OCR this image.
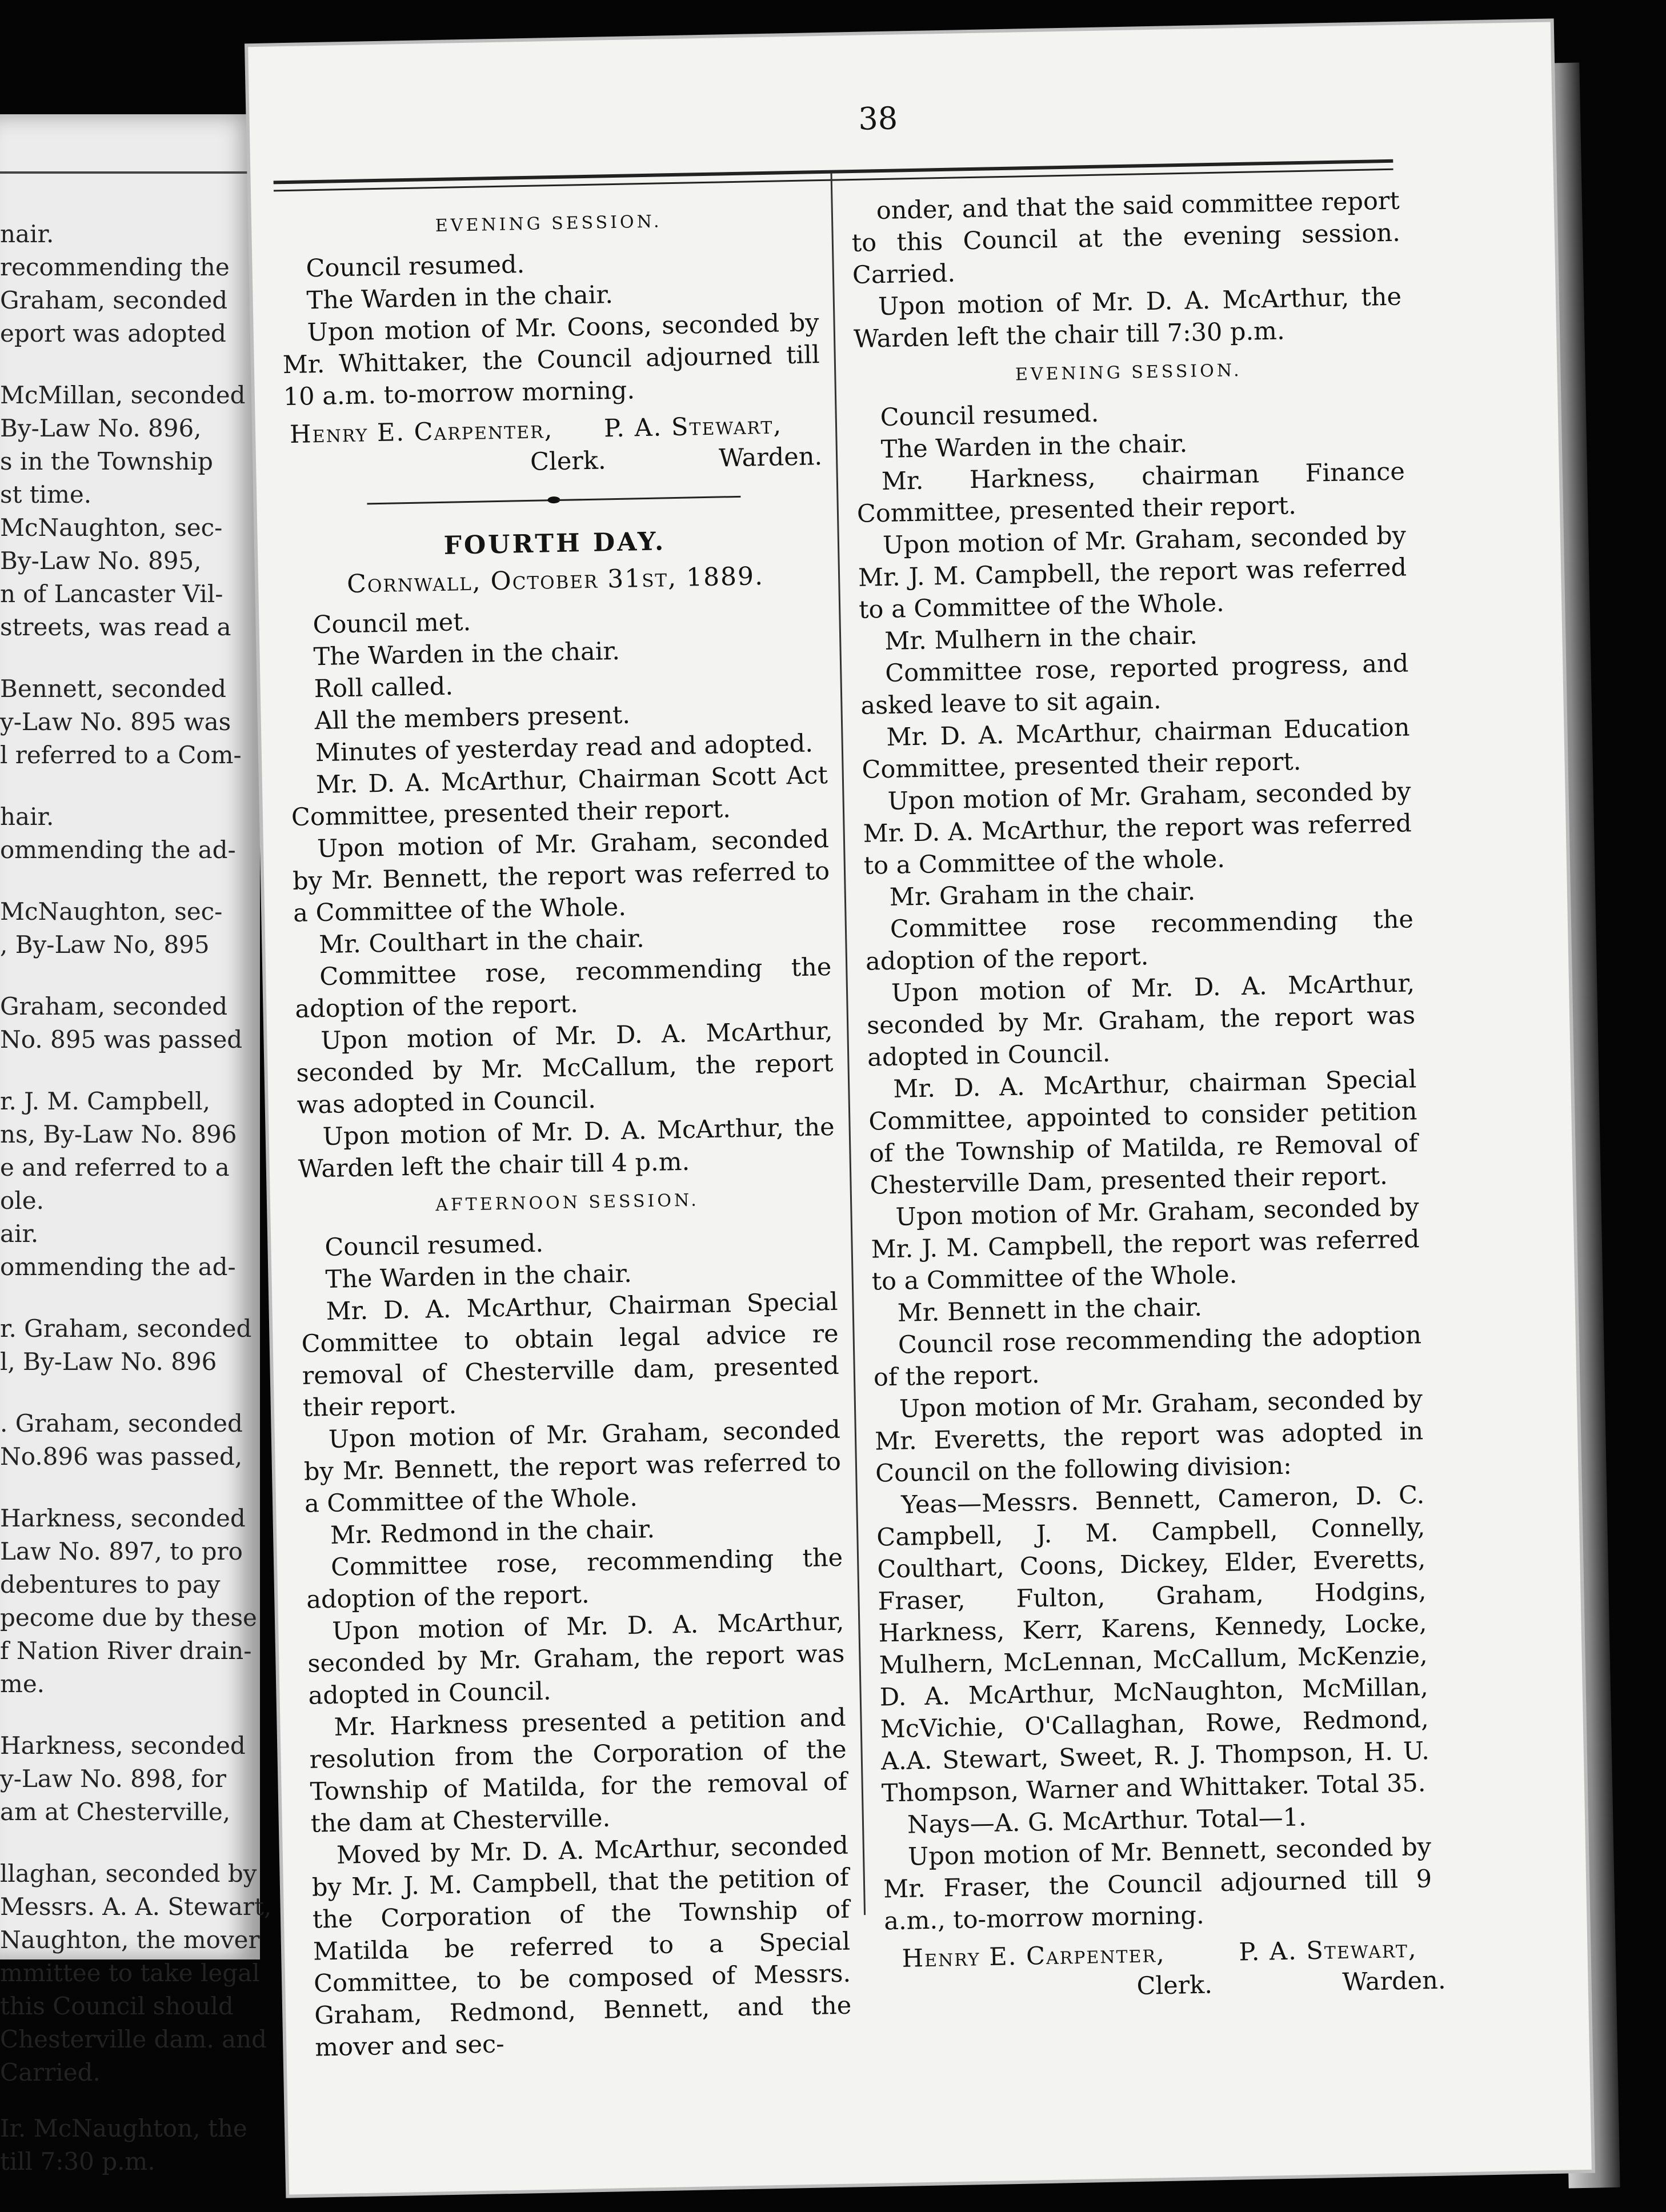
nair.
recommending the
Graham, seconded
eport was adopted
McMillan, seconded
By-Law No. 896,
s in the Township
st time.
McNaughton, sec-
By-Law No. 895,
n of Lancaster Vil-
streets, was read a
Bennett, seconded
y-Law No. 895 was
l referred to a Com-
hair.
ommending the ad-
McNaughton, sec-
, By-Law No, 895
Graham, seconded
No. 895 was passed
r. J. M. Campbell,
ns, By-Law No. 896
e and referred to a
ole.
air.
ommending the ad-
r. Graham, seconded
l, By-Law No. 896
. Graham, seconded
No.896 was passed,
Harkness, seconded
Law No. 897, to pro
debentures to pay
pecome due by these
f Nation River drain-
me.
Harkness, seconded
y-Law No. 898, for
am at Chesterville,
llaghan, seconded by
Messrs. A. A. Stewart,
Naughton, the mover
mmittee to take legal
this Council should
Chesterville dam. and
Carried.
Ir. McNaughton, the
till 7:30 p.m.
38
EVENING SESSION.

Council resumed.

The Warden in the chair.

Upon motion of Mr. Coons, seconded by Mr. Whittaker, the Council adjourned till 10 a.m. to-morrow morning.

Henry E. Carpenter, P. A. Stewart,
Clerk.	Warden.
FOURTH DAY.
Cornwall, October 31st, 1889.

Council met.

The Warden in the chair.

Roll called.

All the members present.

Minutes of yesterday read and adopted.

Mr. D. A. McArthur, Chairman Scott Act Committee, presented their report.

Upon motion of Mr. Graham, seconded by Mr. Bennett, the report was referred to a Committee of the Whole.

Mr. Coulthart in the chair.

Committee rose, recommending the adoption of the report.

Upon motion of Mr. D. A. McArthur, seconded by Mr. McCallum, the report was adopted in Council.

Upon motion of Mr. D. A. McArthur, the Warden left the chair till 4 p.m.

AFTERNOON SESSION.

Council resumed.

The Warden in the chair.

Mr. D. A. McArthur, Chairman Special Committee to obtain legal advice re removal of Chesterville dam, presented their report.

Upon motion of Mr. Graham, seconded by Mr. Bennett, the report was referred to a Committee of the Whole.

Mr. Redmond in the chair.

Committee rose, recommending the adoption of the report.

Upon motion of Mr. D. A. McArthur, seconded by Mr. Graham, the report was adopted in Council.

Mr. Harkness presented a petition and resolution from the Corporation of the Township of Matilda, for the removal of the dam at Chesterville.

Moved by Mr. D. A. McArthur, seconded by Mr. J. M. Campbell, that the petition of the Corporation of the Township of Matilda be referred to a Special Committee, to be composed of Messrs. Graham, Redmond, Bennett, and the mover and sec-

onder, and that the said committee report to this Council at the evening session. Carried.

Upon motion of Mr. D. A. McArthur, the Warden left the chair till 7:30 p.m.

EVENING SESSION.

Council resumed.

The Warden in the chair.

Mr. Harkness, chairman Finance Committee, presented their report.

Upon motion of Mr. Graham, seconded by Mr. J. M. Campbell, the report was referred to a Committee of the Whole.

Mr. Mulhern in the chair.

Committee rose, reported progress, and asked leave to sit again.

Mr. D. A. McArthur, chairman Education Committee, presented their report.

Upon motion of Mr. Graham, seconded by Mr. D. A. McArthur, the report was referred to a Committee of the whole.

Mr. Graham in the chair.

Committee rose recommending the adoption of the report.

Upon motion of Mr. D. A. McArthur, seconded by Mr. Graham, the report was adopted in Council.

Mr. D. A. McArthur, chairman Special Committee, appointed to consider petition of the Township of Matilda, re Removal of Chesterville Dam, presented their report.

Upon motion of Mr. Graham, seconded by Mr. J. M. Campbell, the report was referred to a Committee of the Whole.

Mr. Bennett in the chair.

Council rose recommending the adoption of the report.

Upon motion of Mr. Graham, seconded by Mr. Everetts, the report was adopted in Council on the following division:

Yeas—Messrs. Bennett, Cameron, D. C. Campbell, J. M. Campbell, Connelly, Coulthart, Coons, Dickey, Elder, Everetts, Fraser, Fulton, Graham, Hodgins, Harkness, Kerr, Karens, Kennedy, Locke, Mulhern, McLennan, McCallum, McKenzie, D. A. McArthur, McNaughton, McMillan, McVichie, O'Callaghan, Rowe, Redmond, A.A. Stewart, Sweet, R. J. Thompson, H. U. Thompson, Warner and Whittaker. Total 35.

Nays—A. G. McArthur. Total—1.

Upon motion of Mr. Bennett, seconded by Mr. Fraser, the Council adjourned till 9 a.m., to-morrow morning.

Henry E. Carpenter,	P. A. Stewart,
Clerk.	Warden.
